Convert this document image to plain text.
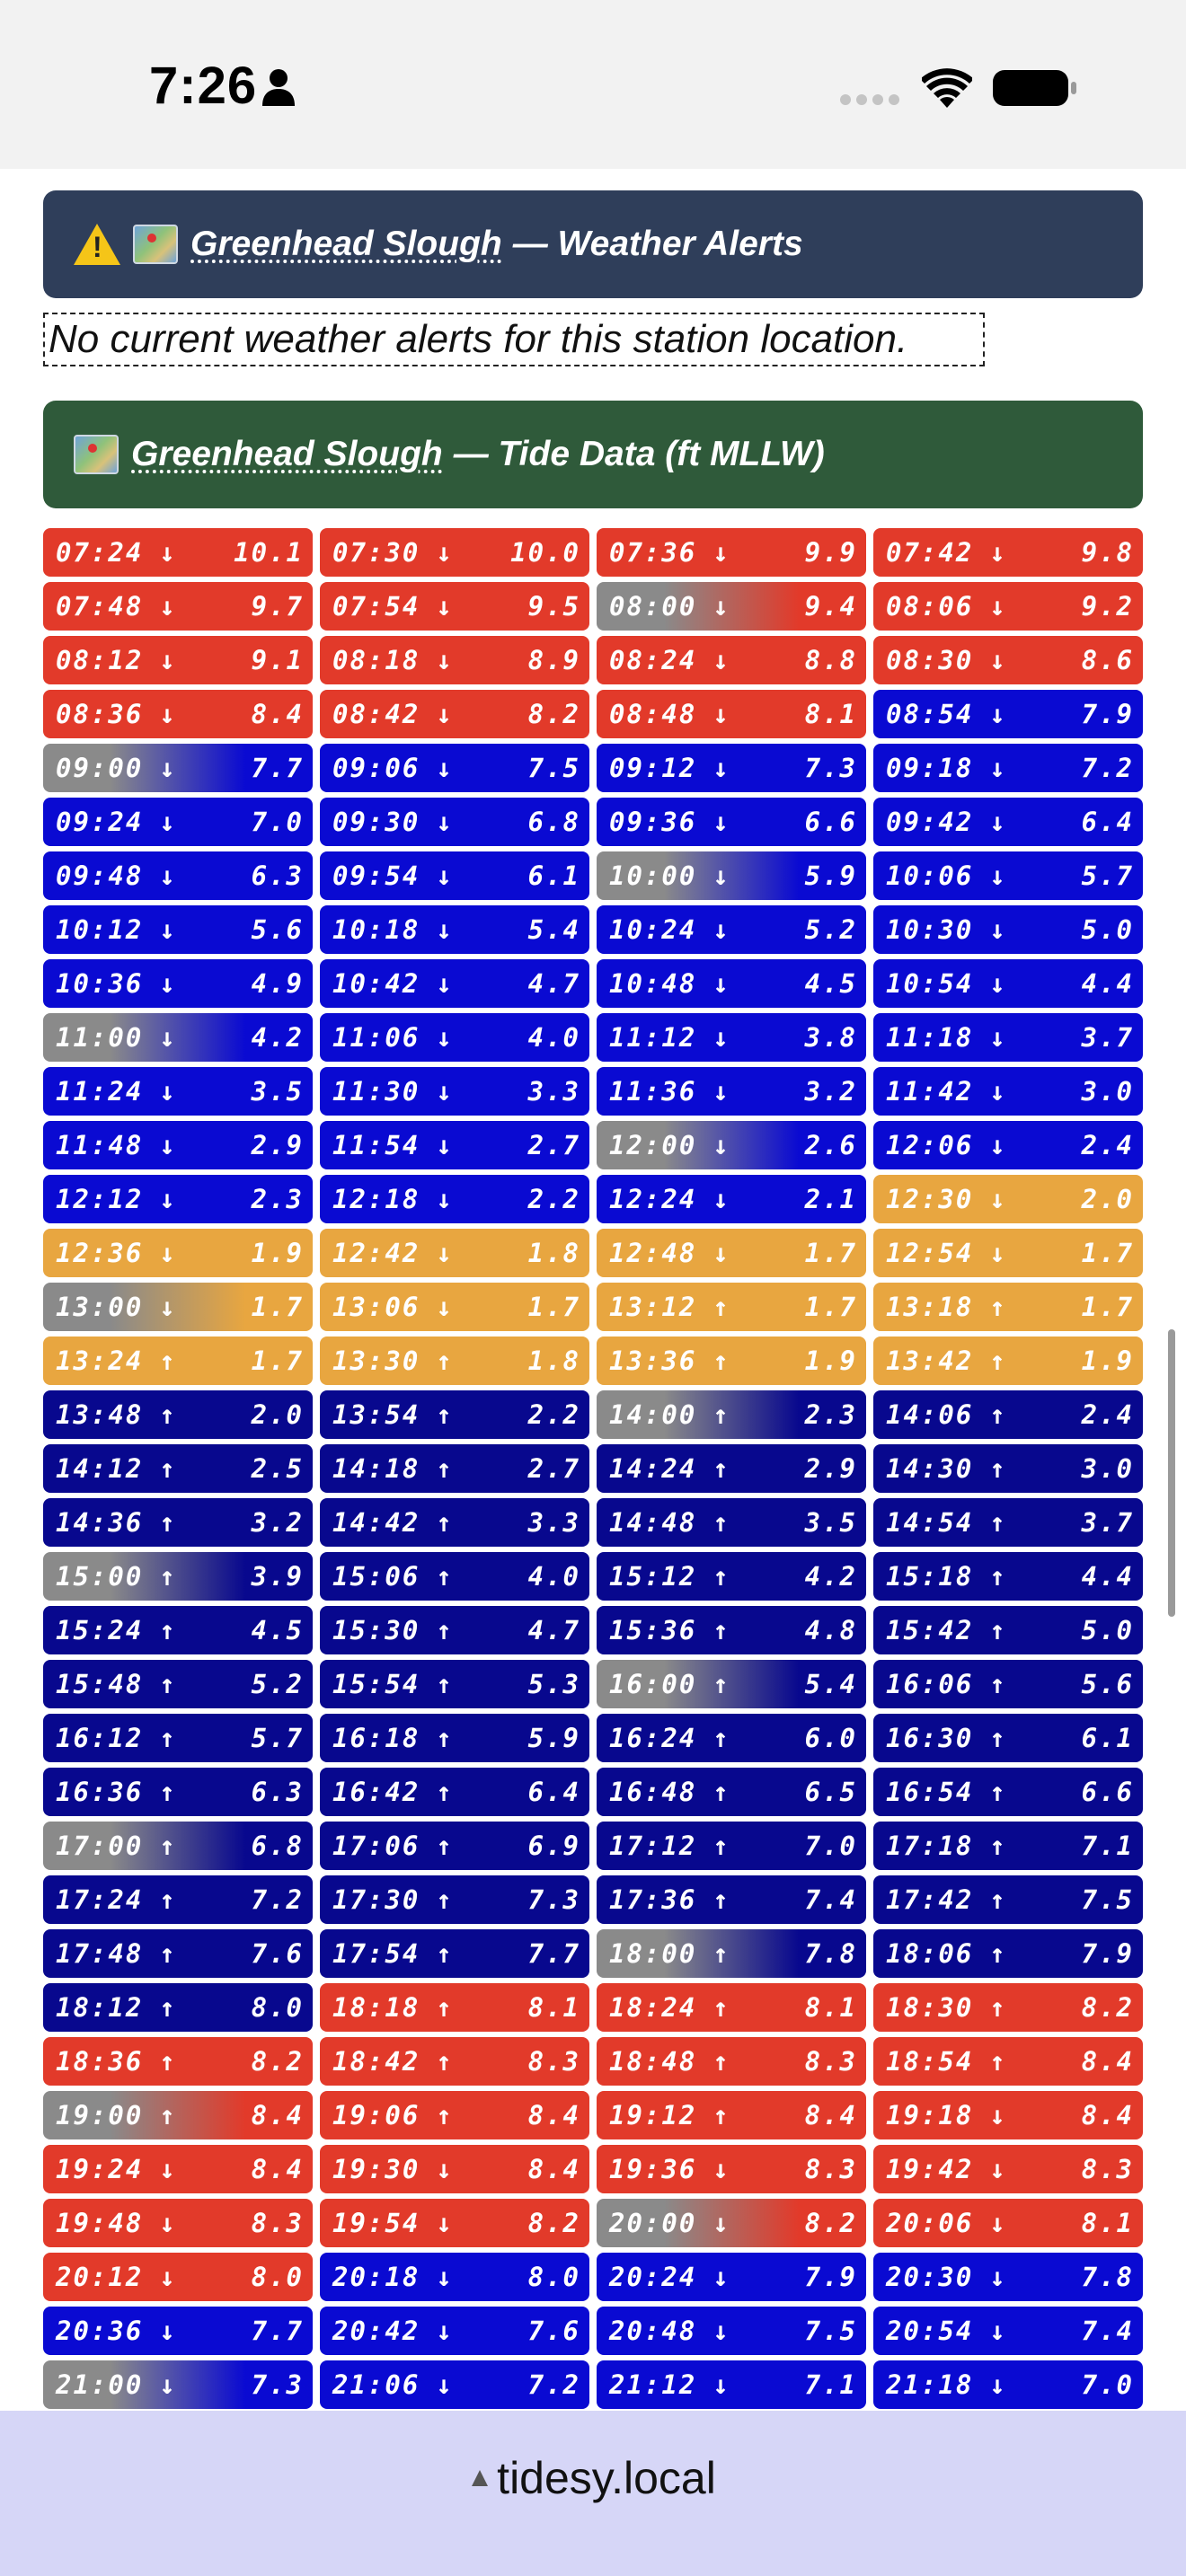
7:26
!
Greenhead Slough — Weather Alerts
No current weather alerts for this station location.
Greenhead Slough — Tide Data (ft MLLW)
07:24 ↓ 10.1 07:30 ↓ 10.0 07:36 ↓	9.9 07:42 ↓	9.8
07:48 ↓	9.7 07:54 ↓	9.5 08:00 ↓	9.4 08:06 ↓	9.2
08:12 ↓	9.1 08:18 ↓	8.9 08:24 ↓	8.8 08:30 ↓	8.6
08:36 ↓	8.4 08:42 ↓	8.2 08:48 ↓	8.1 08:54 ↓	7.9
09:00 ↓	7.7 09:06 ↓	7.5 09:12 ↓	7.3 09:18 ↓	7.2
09:24 ↓	7.0 09:30 ↓	6.8 09:36 ↓	6.6 09:42 ↓	6.4
09:48 ↓	6.3 09:54 ↓	6.1 10:00 ↓	5.9 10:06 ↓	5.7
10:12 ↓	5.6 10:18 ↓	5.4 10:24 ↓	5.2 10:30 ↓	5.0
10:36 ↓	4.9 10:42 ↓	4.7 10:48 ↓	4.5 10:54 ↓	4.4
11:00 ↓	4.2 11:06 ↓	4.0 11:12 ↓	3.8 11:18 ↓	3.7
11:24 ↓	3.5 11:30 ↓	3.3 11:36 ↓	3.2 11:42 ↓	3.0
11:48 ↓	2.9 11:54 ↓	2.7 12:00 ↓	2.6 12:06 ↓	2.4
12:12 ↓	2.3 12:18 ↓	2.2 12:24 ↓	2.1 12:30 ↓	2.0
12:36 ↓	1.9 12:42 ↓	1.8 12:48 ↓	1.7 12:54 ↓	1.7
13:00 ↓	1.7 13:06 ↓	1.7 13:12 ↑	1.7 13:18 ↑	1.7
13:24 ↑	1.7 13:30 ↑	1.8 13:36 ↑	1.9 13:42 ↑	1.9
13:48 ↑	2.0 13:54 ↑	2.2 14:00 ↑	2.3 14:06 ↑	2.4
14:12 ↑	2.5 14:18 ↑	2.7 14:24 ↑	2.9 14:30 ↑	3.0
14:36 ↑	3.2 14:42 ↑	3.3 14:48 ↑	3.5 14:54 ↑	3.7
15:00 ↑	3.9 15:06 ↑	4.0 15:12 ↑	4.2 15:18 ↑	4.4
15:24 ↑	4.5 15:30 ↑	4.7 15:36 ↑	4.8 15:42 ↑	5.0
15:48 ↑	5.2 15:54 ↑	5.3 16:00 ↑	5.4 16:06 ↑	5.6
16:12 ↑	5.7 16:18 ↑	5.9 16:24 ↑	6.0 16:30 ↑	6.1
16:36 ↑	6.3 16:42 ↑	6.4 16:48 ↑	6.5 16:54 ↑	6.6
17:00 ↑	6.8 17:06 ↑	6.9 17:12 ↑	7.0 17:18 ↑	7.1
17:24 ↑	7.2 17:30 ↑	7.3 17:36 ↑	7.4 17:42 ↑	7.5
17:48 ↑	7.6 17:54 ↑	7.7 18:00 ↑	7.8 18:06 ↑	7.9
18:12 ↑	8.0 18:18 ↑	8.1 18:24 ↑	8.1 18:30 ↑	8.2
18:36 ↑	8.2 18:42 ↑	8.3 18:48 ↑	8.3 18:54 ↑	8.4
19:00 ↑	8.4 19:06 ↑	8.4 19:12 ↑	8.4 19:18 ↓	8.4
19:24 ↓	8.4 19:30 ↓	8.4 19:36 ↓	8.3 19:42 ↓	8.3
19:48 ↓	8.3 19:54 ↓	8.2 20:00 ↓	8.2 20:06 ↓	8.1
20:12 ↓	8.0 20:18 ↓	8.0 20:24 ↓	7.9 20:30 ↓	7.8
20:36 ↓	7.7 20:42 ↓	7.6 20:48 ↓	7.5 20:54 ↓	7.4
21:00 ↓	7.3 21:06 ↓	7.2 21:12 ↓	7.1 21:18 ↓	7.0
tidesy.local
